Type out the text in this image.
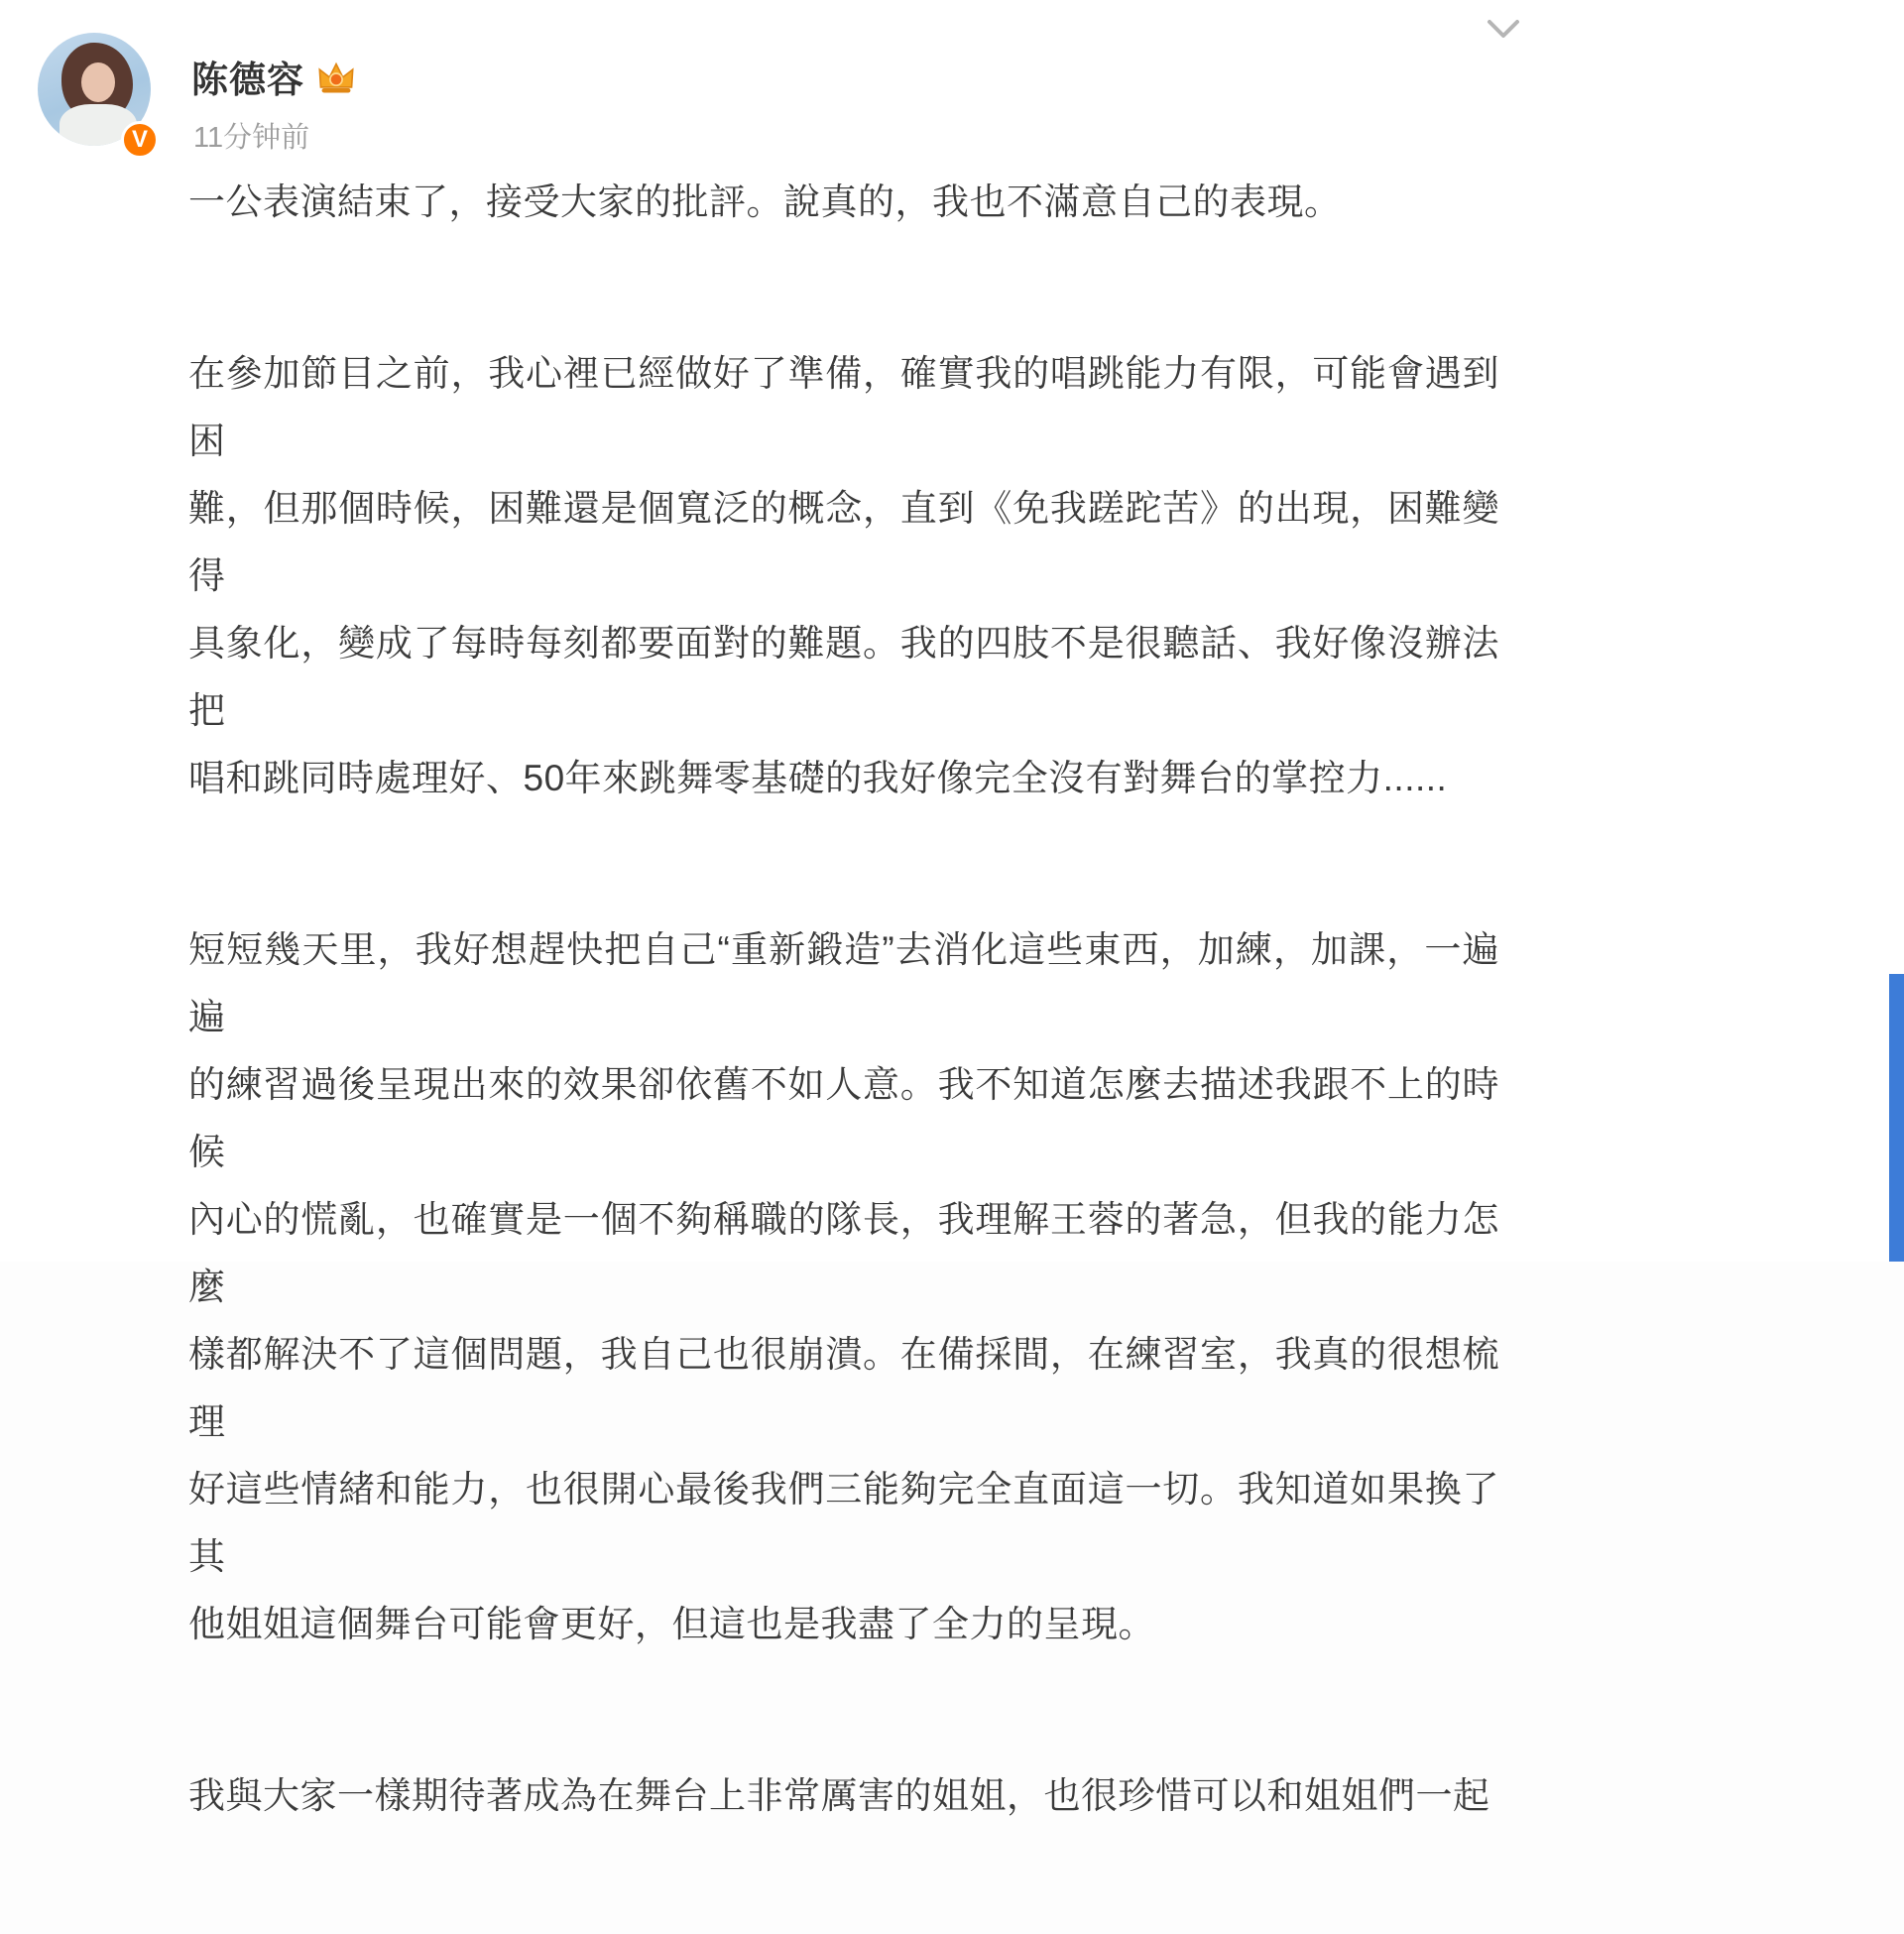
V
陈德容
11分钟前

一公表演結束了，接受大家的批評。說真的，我也不滿意自己的表現。

在參加節目之前，我心裡已經做好了準備，確實我的唱跳能力有限，可能會遇到困
難，但那個時候，困難還是個寬泛的概念，直到《免我蹉跎苦》的出現，困難變得
具象化，變成了每時每刻都要面對的難題。我的四肢不是很聽話、我好像沒辦法把
唱和跳同時處理好、50年來跳舞零基礎的我好像完全沒有對舞台的掌控力......

短短幾天里，我好想趕快把自己“重新鍛造”去消化這些東西，加練，加課，一遍遍
的練習過後呈現出來的效果卻依舊不如人意。我不知道怎麼去描述我跟不上的時候
內心的慌亂，也確實是一個不夠稱職的隊長，我理解王蓉的著急，但我的能力怎麼
樣都解決不了這個問題，我自己也很崩潰。在備採間，在練習室，我真的很想梳理
好這些情緒和能力，也很開心最後我們三能夠完全直面這一切。我知道如果換了其
他姐姐這個舞台可能會更好，但這也是我盡了全力的呈現。

我與大家一樣期待著成為在舞台上非常厲害的姐姐，也很珍惜可以和姐姐們一起
